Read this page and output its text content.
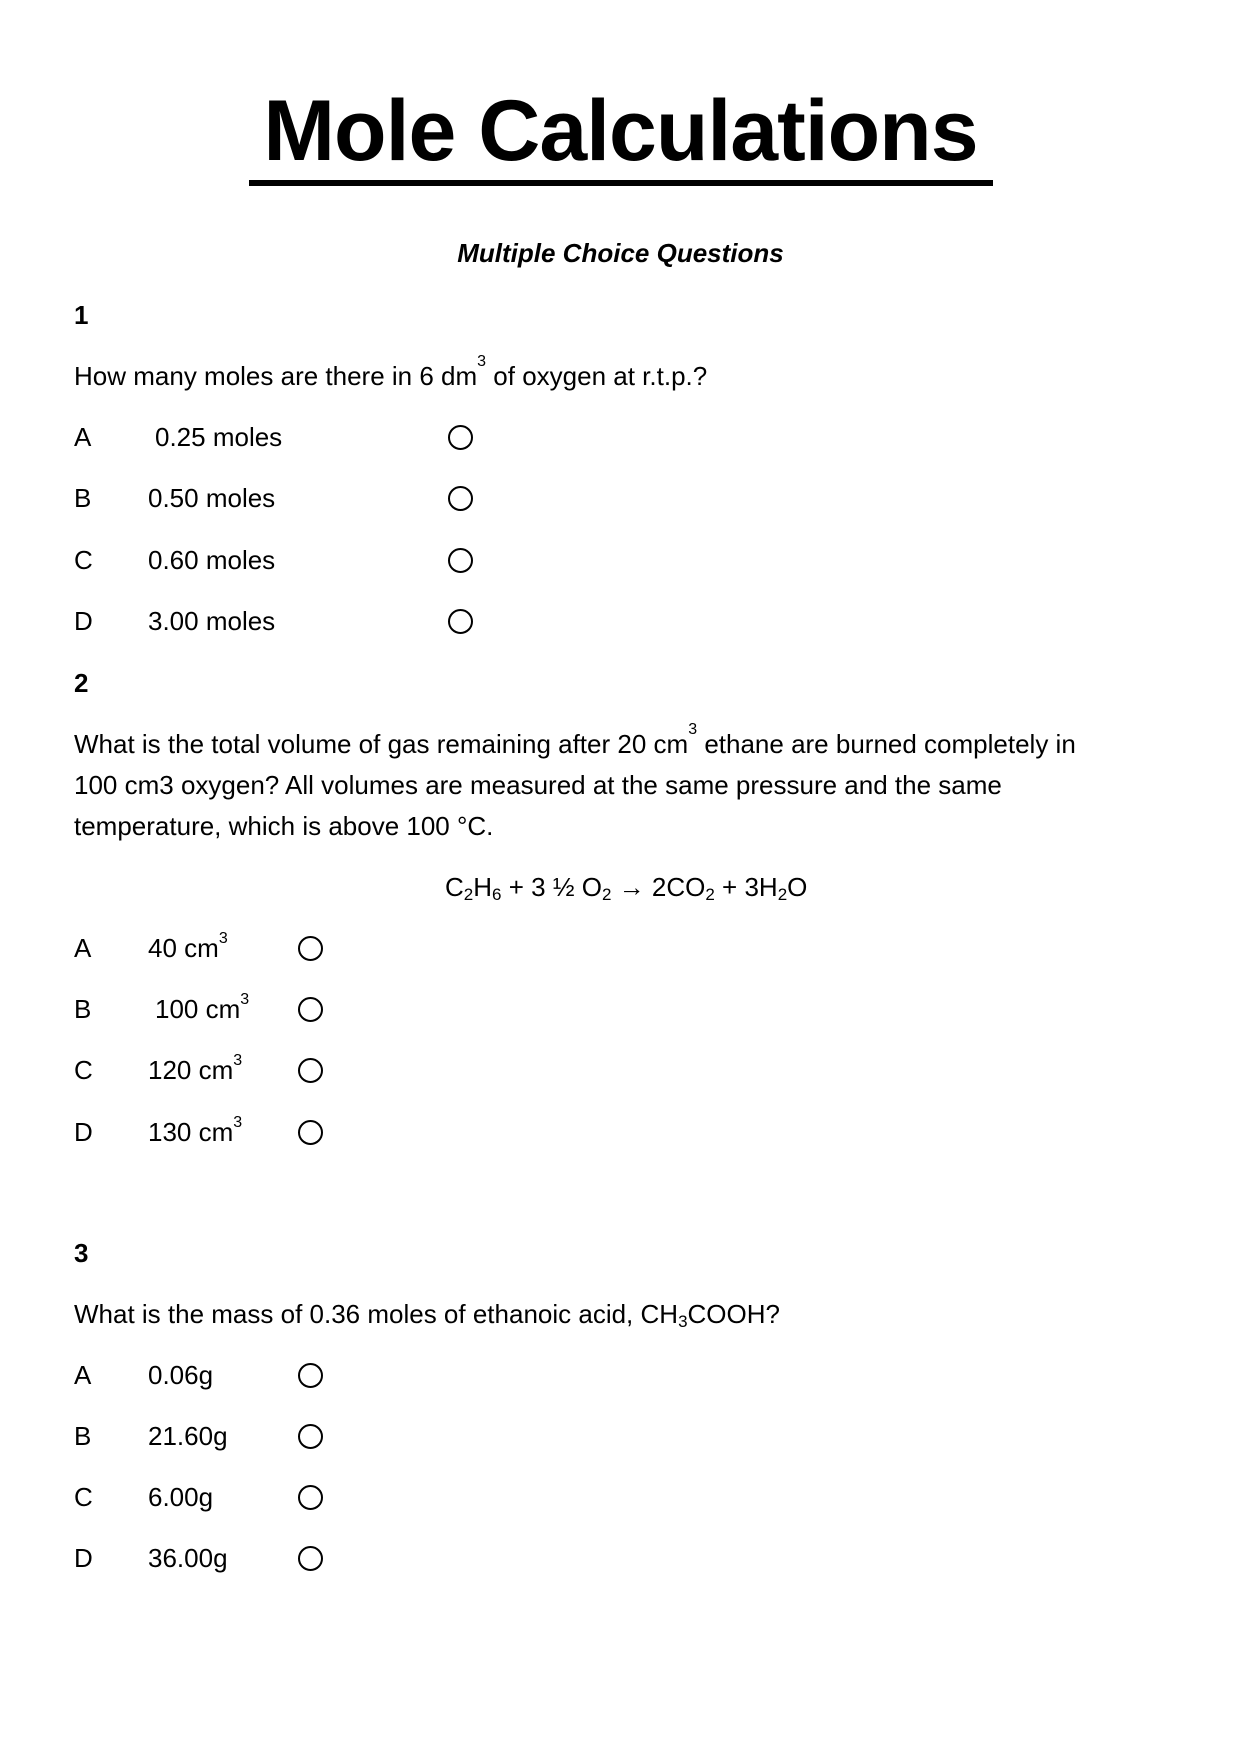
Mole Calculations
Multiple Choice Questions
1
How many moles are there in 6 $dm^3$ of oxygen at r.t.p.?
A 0.25 moles
B 0.50 moles
C 0.60 moles
D 3.00 moles
2
What is the total volume of gas remaining after 20 $cm^3$ ethane are burned completely in
100 cm3 oxygen? All volumes are measured at the same pressure and the same
temperature, which is above 100 °C.
$C_2H_6 + 3$ ½ $O_2 \to 2CO_2 + 3H_2O$
A 40 $cm^3$
B 100 $cm^3$
C 120 $cm^3$
D 130 $cm^3$
3
What is the mass of 0.36 moles of ethanoic acid, $CH_3COOH$?
A 0.06g
B 21.60g
C 6.00g
D 36.00g
